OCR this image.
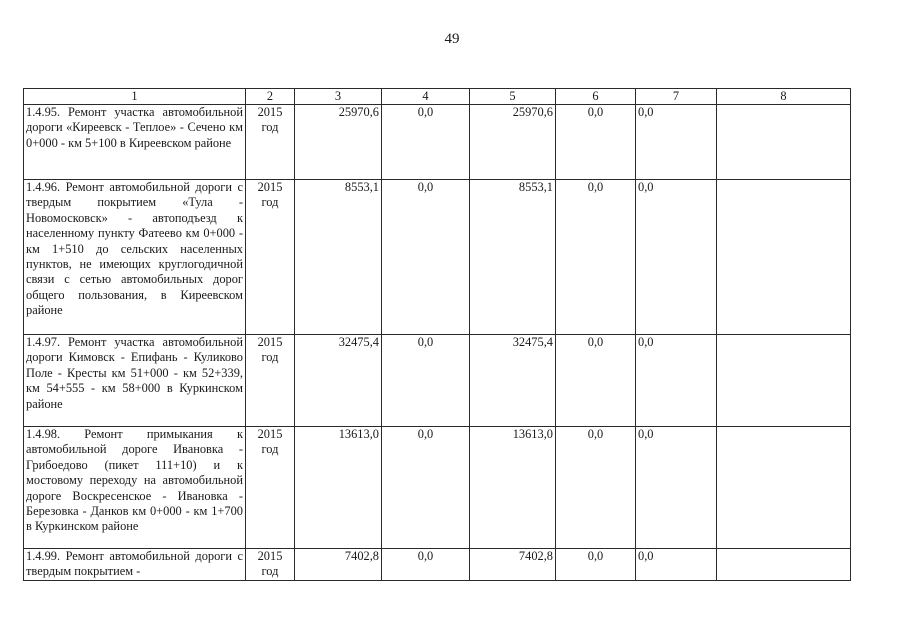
49
1	2	3	4	5	6	7	8
1.4.95. Ремонт участка автомобильной дороги «Киреевск - Теплое» - Сечено км 0+000 - км 5+100 в Киреевском районе	2015 год	25970,6	0,0	25970,6	0,0	0,0	
1.4.96. Ремонт автомобильной дороги с твердым покрытием «Тула - Новомосковск» - автоподъезд к населенному пункту Фатеево км 0+000 - км 1+510 до сельских населенных пунктов, не имеющих круглогодичной связи с сетью автомобильных дорог общего пользования, в Киреевском районе	2015 год	8553,1	0,0	8553,1	0,0	0,0	
1.4.97. Ремонт участка автомобильной дороги Кимовск - Епифань - Куликово Поле - Кресты км 51+000 - км 52+339, км 54+555 - км 58+000 в Куркинском районе	2015 год	32475,4	0,0	32475,4	0,0	0,0	
1.4.98. Ремонт примыкания к автомобильной дороге Ивановка - Грибоедово (пикет 111+10) и к мостовому переходу на автомобильной дороге Воскресенское - Ивановка - Березовка - Данков км 0+000 - км 1+700 в Куркинском районе	2015 год	13613,0	0,0	13613,0	0,0	0,0	
1.4.99. Ремонт автомобильной дороги с твердым покрытием -	2015 год	7402,8	0,0	7402,8	0,0	0,0	
